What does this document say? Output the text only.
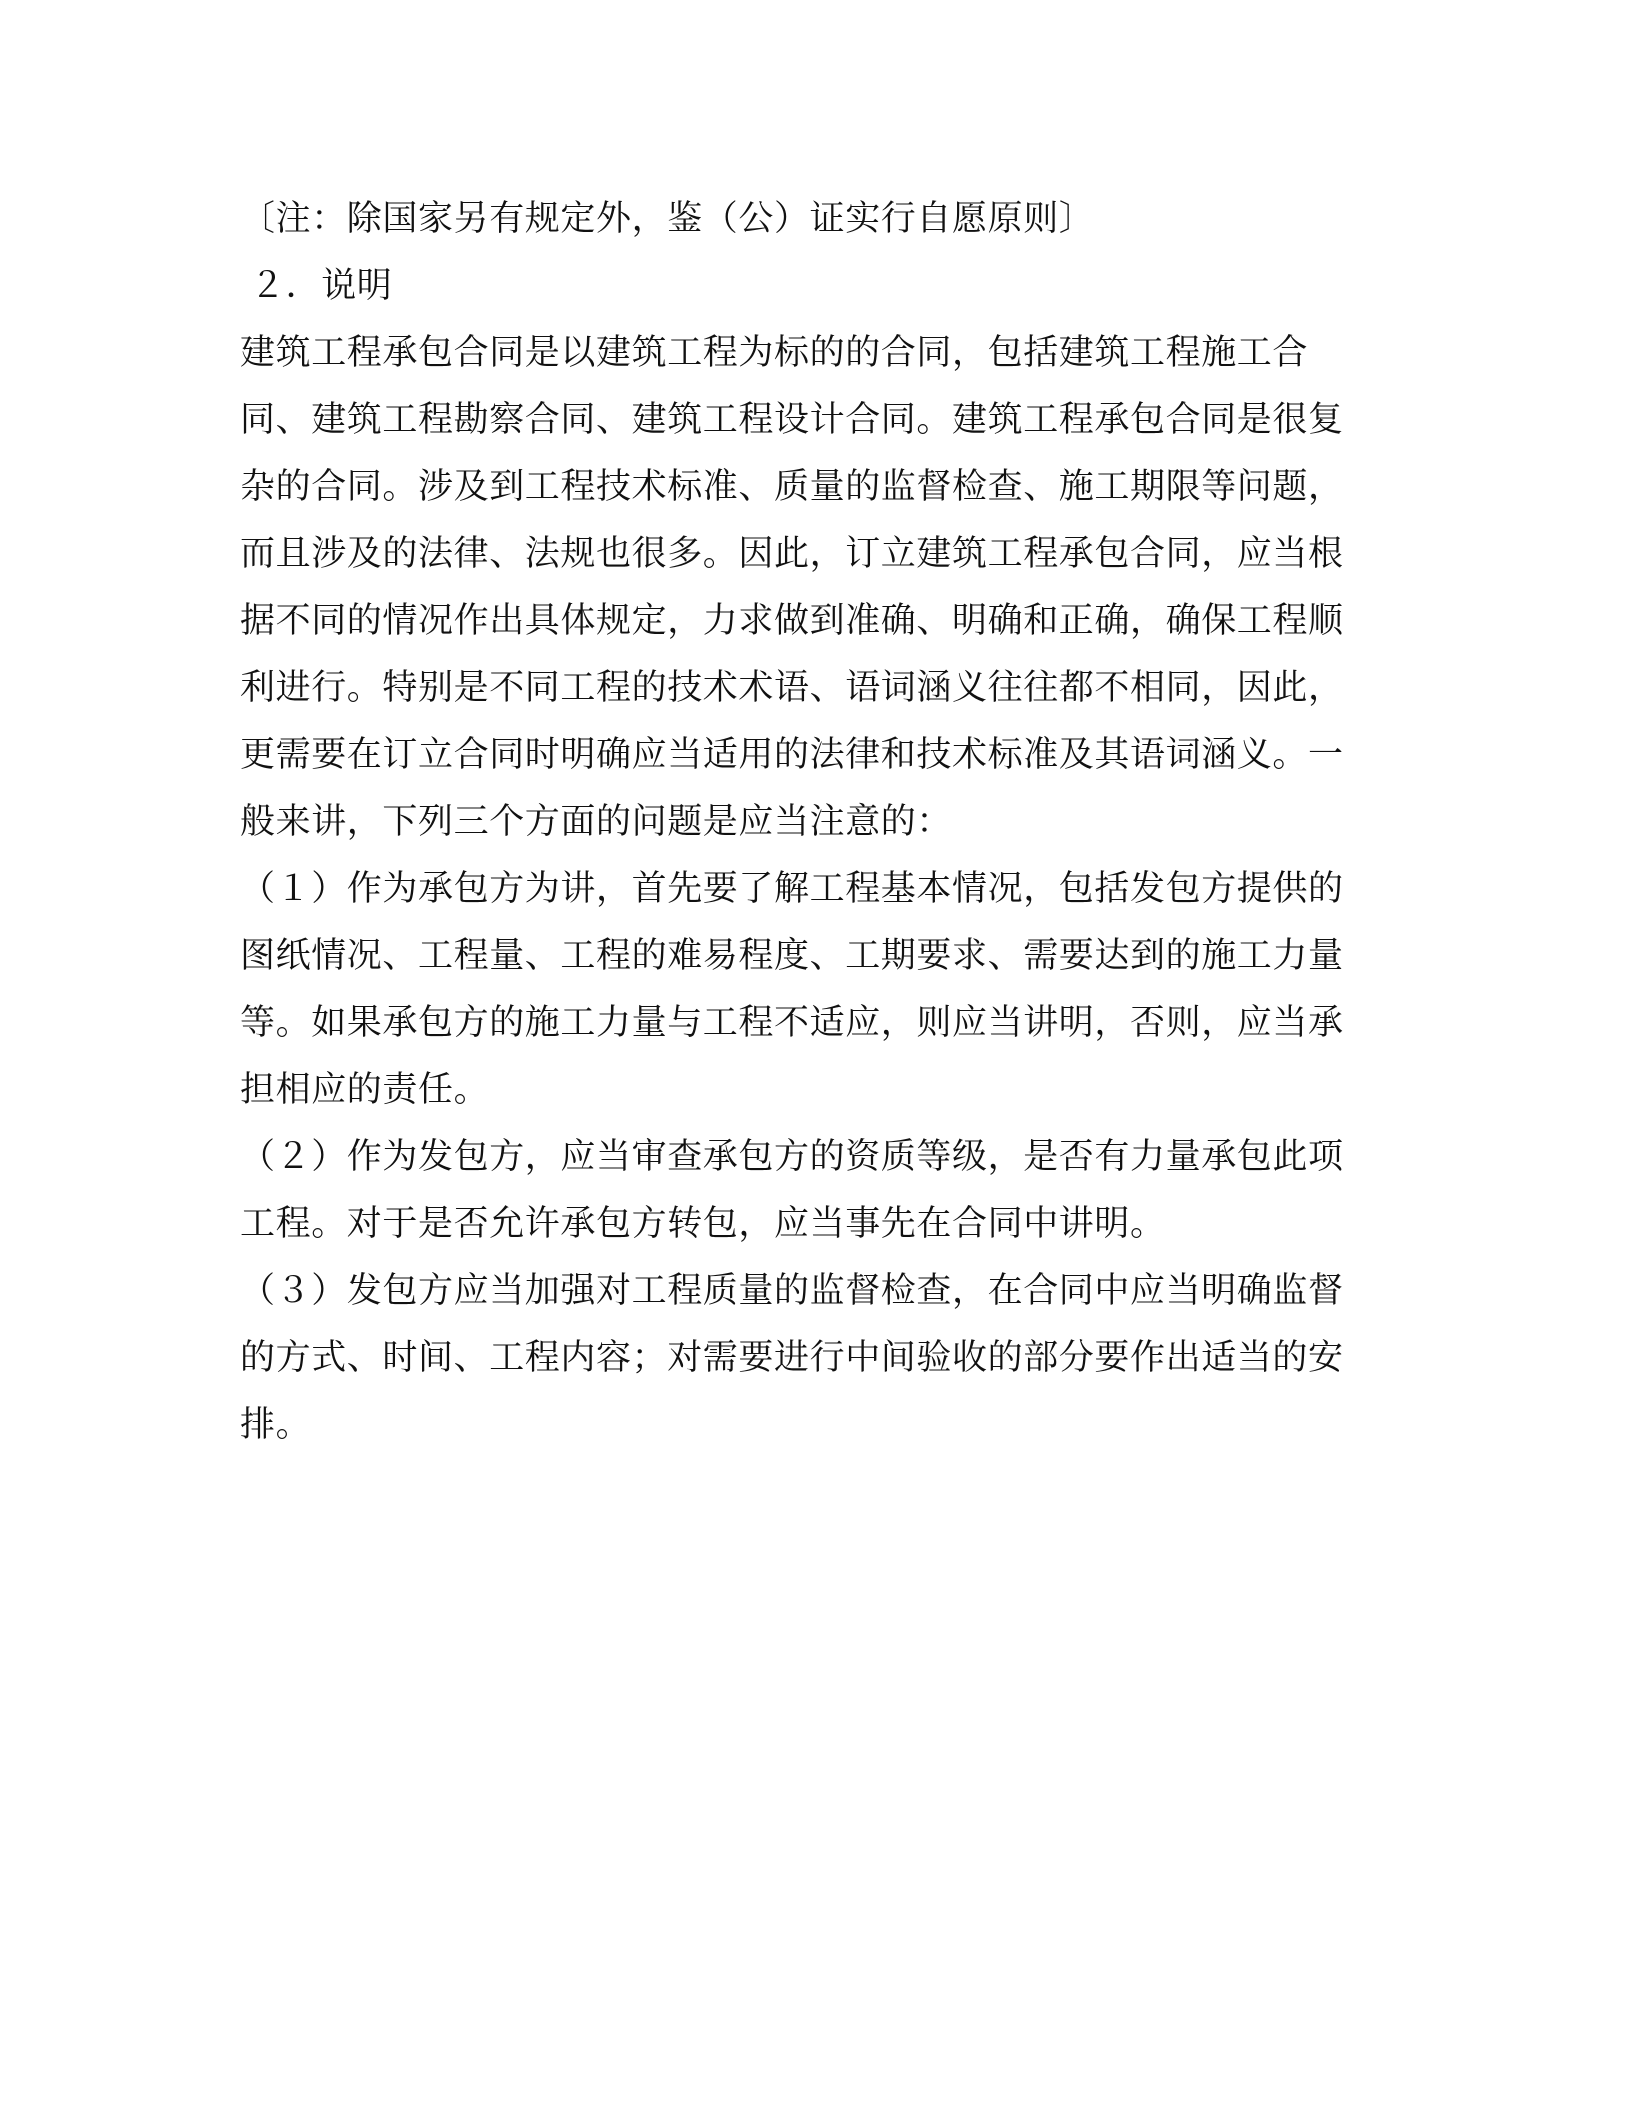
〔注：除国家另有规定外，鉴（公）证实行自愿原则〕
２．说明
建筑工程承包合同是以建筑工程为标的的合同，包括建筑工程施工合
同、建筑工程勘察合同、建筑工程设计合同。建筑工程承包合同是很复
杂的合同。涉及到工程技术标准、质量的监督检查、施工期限等问题，
而且涉及的法律、法规也很多。因此，订立建筑工程承包合同，应当根
据不同的情况作出具体规定，力求做到准确、明确和正确，确保工程顺
利进行。特别是不同工程的技术术语、语词涵义往往都不相同，因此，
更需要在订立合同时明确应当适用的法律和技术标准及其语词涵义。一
般来讲，下列三个方面的问题是应当注意的：
（１）作为承包方为讲，首先要了解工程基本情况，包括发包方提供的
图纸情况、工程量、工程的难易程度、工期要求、需要达到的施工力量
等。如果承包方的施工力量与工程不适应，则应当讲明，否则，应当承
担相应的责任。
（２）作为发包方，应当审查承包方的资质等级，是否有力量承包此项
工程。对于是否允许承包方转包，应当事先在合同中讲明。
（３）发包方应当加强对工程质量的监督检查，在合同中应当明确监督
的方式、时间、工程内容；对需要进行中间验收的部分要作出适当的安
排。
